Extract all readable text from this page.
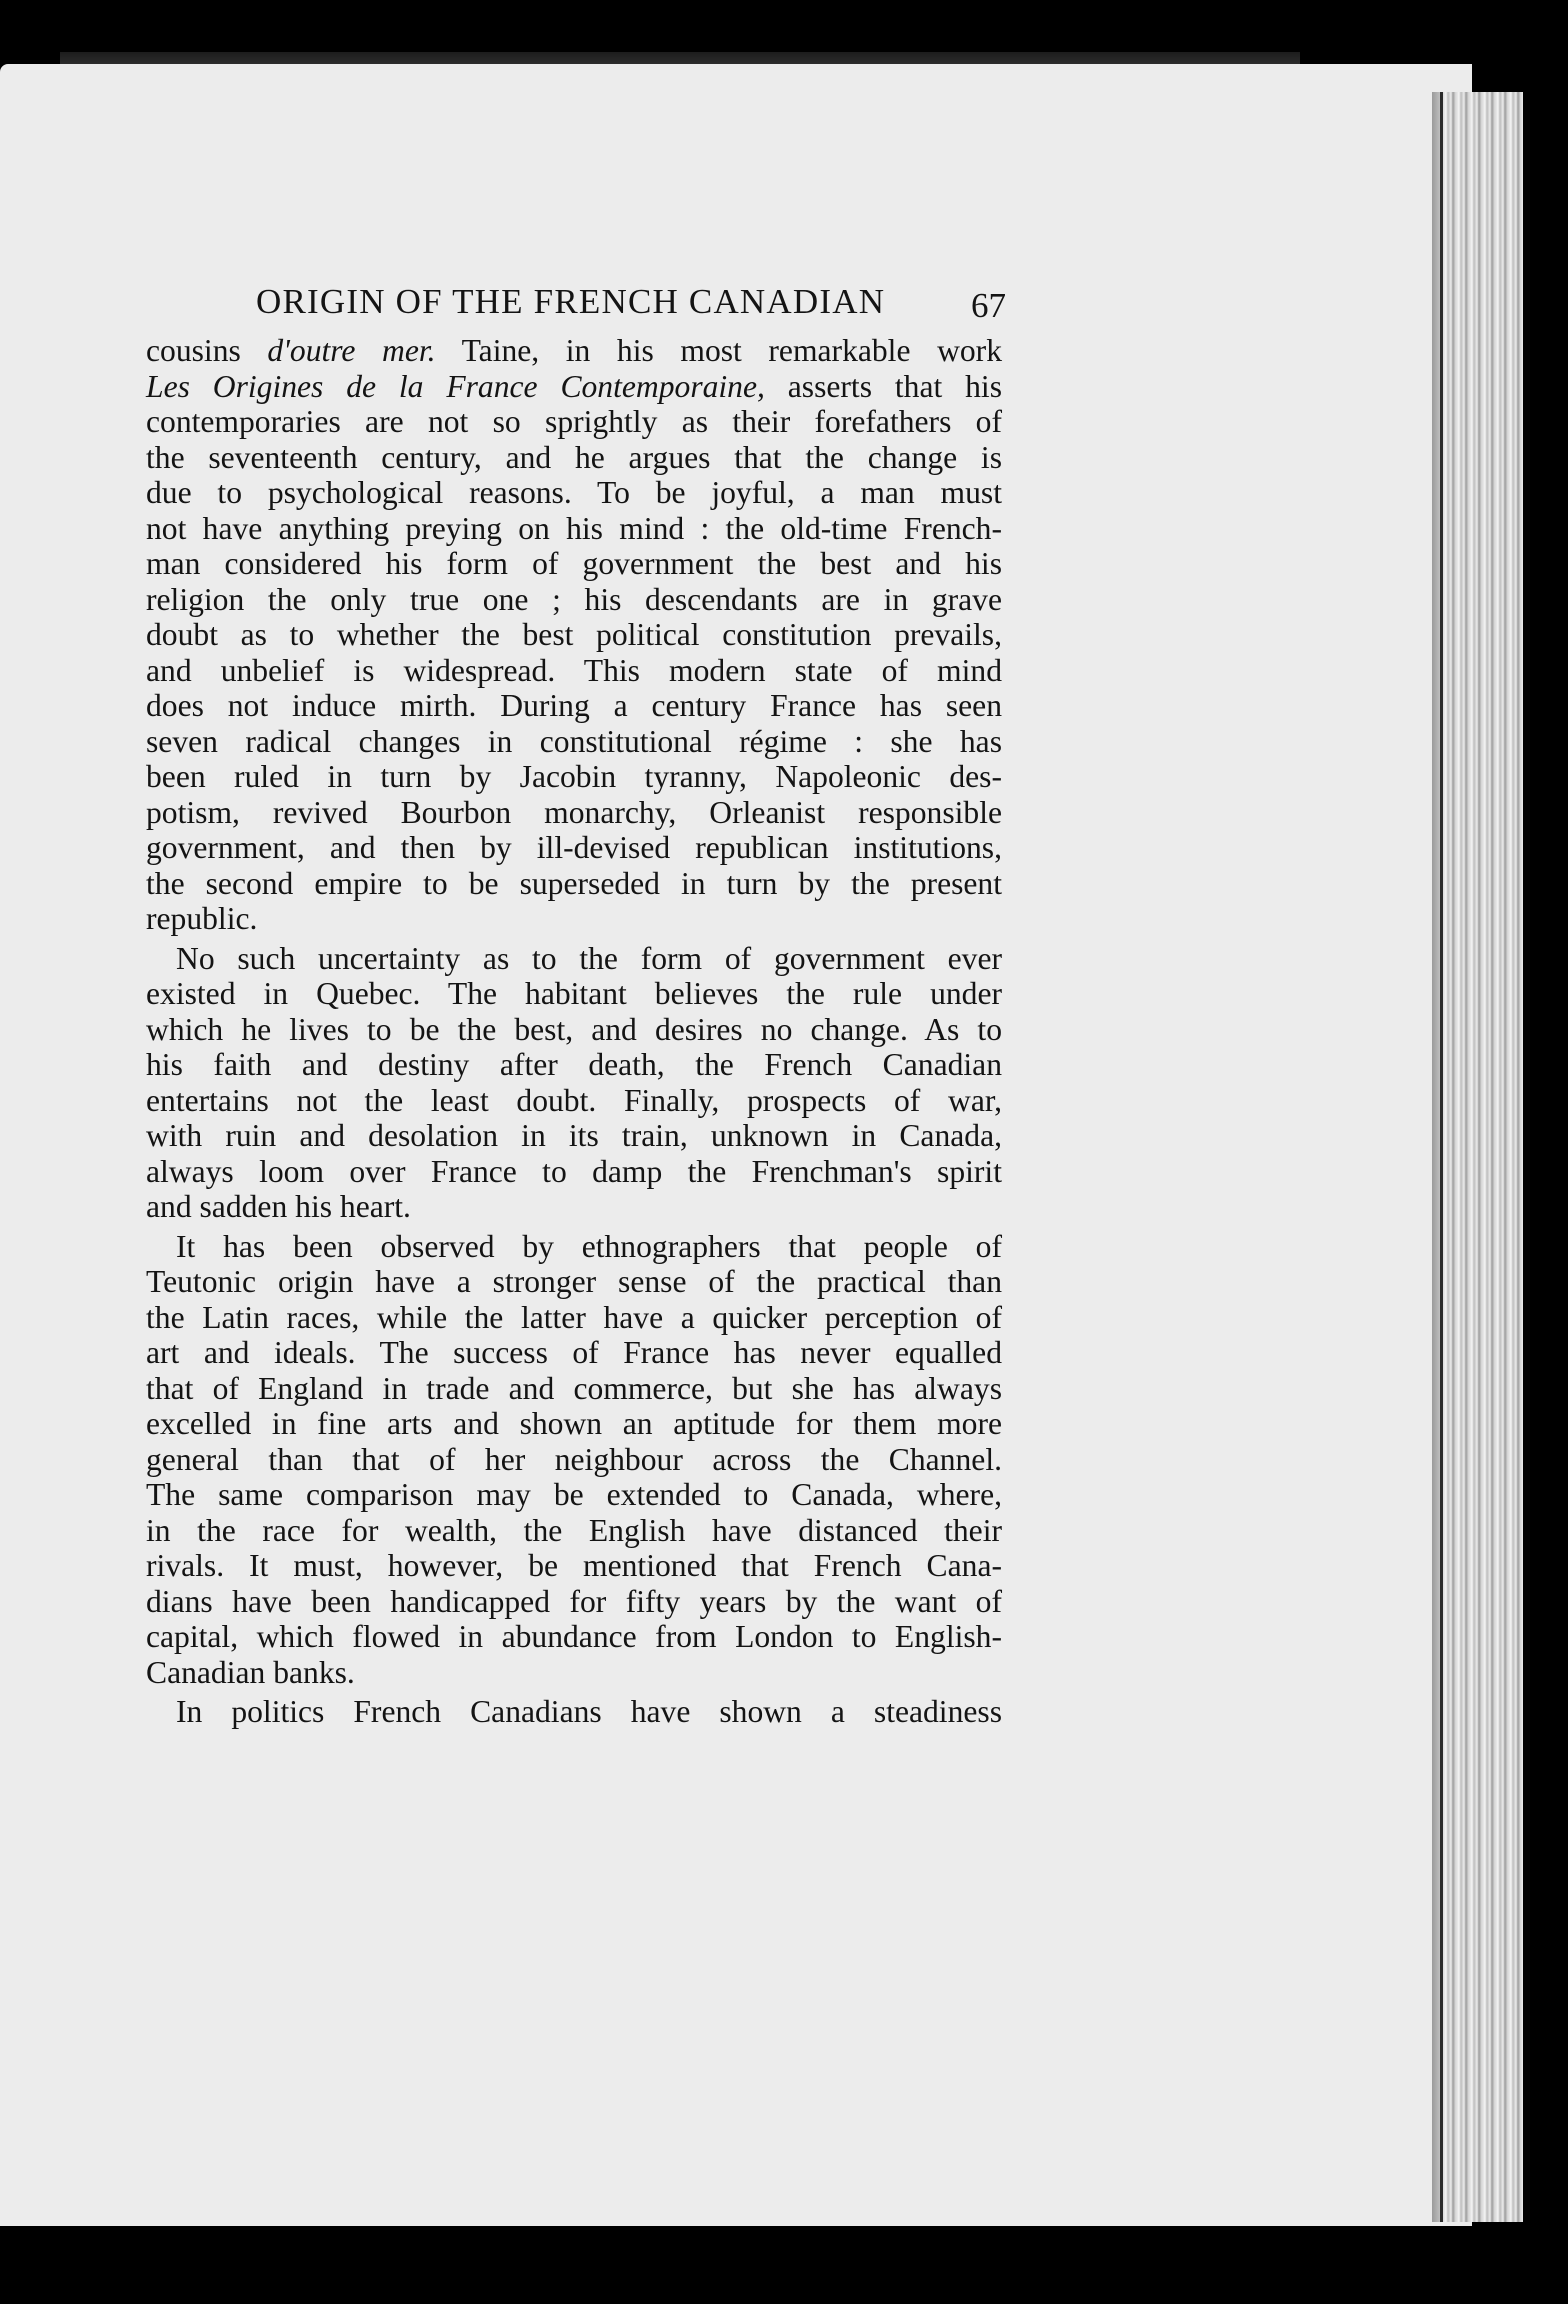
ORIGIN OF THE FRENCH CANADIAN 67
cousins d'outre mer. Taine, in his most remarkable work
Les Origines de la France Contemporaine, asserts that his
contemporaries are not so sprightly as their forefathers of
the seventeenth century, and he argues that the change is
due to psychological reasons. To be joyful, a man must
not have anything preying on his mind : the old-time French-
man considered his form of government the best and his
religion the only true one ; his descendants are in grave
doubt as to whether the best political constitution prevails,
and unbelief is widespread. This modern state of mind
does not induce mirth. During a century France has seen
seven radical changes in constitutional régime : she has
been ruled in turn by Jacobin tyranny, Napoleonic des-
potism, revived Bourbon monarchy, Orleanist responsible
government, and then by ill-devised republican institutions,
the second empire to be superseded in turn by the present
republic.
No such uncertainty as to the form of government ever
existed in Quebec. The habitant believes the rule under
which he lives to be the best, and desires no change. As to
his faith and destiny after death, the French Canadian
entertains not the least doubt. Finally, prospects of war,
with ruin and desolation in its train, unknown in Canada,
always loom over France to damp the Frenchman's spirit
and sadden his heart.
It has been observed by ethnographers that people of
Teutonic origin have a stronger sense of the practical than
the Latin races, while the latter have a quicker perception of
art and ideals. The success of France has never equalled
that of England in trade and commerce, but she has always
excelled in fine arts and shown an aptitude for them more
general than that of her neighbour across the Channel.
The same comparison may be extended to Canada, where,
in the race for wealth, the English have distanced their
rivals. It must, however, be mentioned that French Cana-
dians have been handicapped for fifty years by the want of
capital, which flowed in abundance from London to English-
Canadian banks.
In politics French Canadians have shown a steadiness
